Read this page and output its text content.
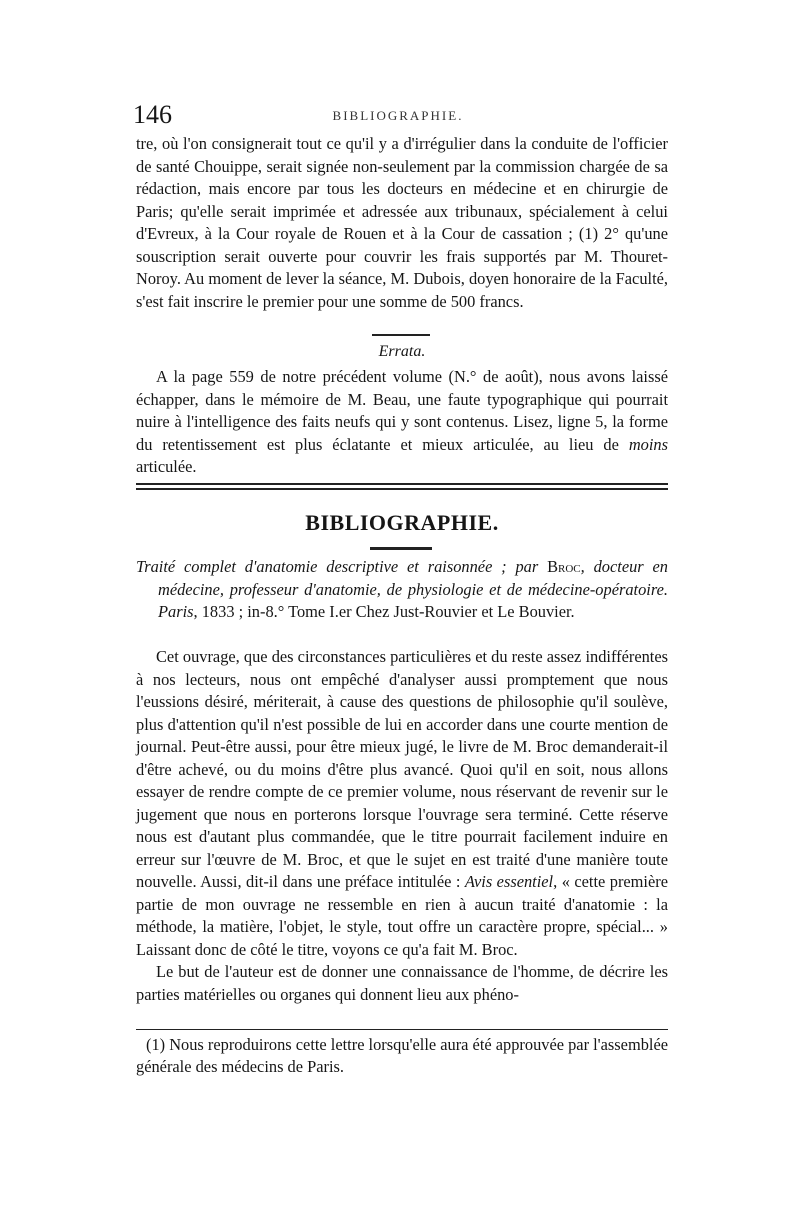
146	BIBLIOGRAPHIE.

tre, où l'on consignerait tout ce qu'il y a d'irrégulier dans la conduite de l'officier de santé Chouippe, serait signée non-seulement par la commission chargée de sa rédaction, mais encore par tous les docteurs en médecine et en chirurgie de Paris; qu'elle serait imprimée et adressée aux tribunaux, spécialement à celui d'Evreux, à la Cour royale de Rouen et à la Cour de cassation ; (1) 2° qu'une souscription serait ouverte pour couvrir les frais supportés par M. Thouret-Noroy. Au moment de lever la séance, M. Dubois, doyen honoraire de la Faculté, s'est fait inscrire le premier pour une somme de 500 francs.

Errata.

A la page 559 de notre précédent volume (N.° de août), nous avons laissé échapper, dans le mémoire de M. Beau, une faute typographique qui pourrait nuire à l'intelligence des faits neufs qui y sont contenus. Lisez, ligne 5, la forme du retentissement est plus éclatante et mieux articulée, au lieu de moins articulée.

BIBLIOGRAPHIE.

Traité complet d'anatomie descriptive et raisonnée ; par Broc, docteur en médecine, professeur d'anatomie, de physiologie et de médecine-opératoire. Paris, 1833 ; in-8.° Tome I.er Chez Just-Rouvier et Le Bouvier.

Cet ouvrage, que des circonstances particulières et du reste assez indifférentes à nos lecteurs, nous ont empêché d'analyser aussi promptement que nous l'eussions désiré, mériterait, à cause des questions de philosophie qu'il soulève, plus d'attention qu'il n'est possible de lui en accorder dans une courte mention de journal. Peut-être aussi, pour être mieux jugé, le livre de M. Broc demanderait-il d'être achevé, ou du moins d'être plus avancé. Quoi qu'il en soit, nous allons essayer de rendre compte de ce premier volume, nous réservant de revenir sur le jugement que nous en porterons lorsque l'ouvrage sera terminé. Cette réserve nous est d'autant plus commandée, que le titre pourrait facilement induire en erreur sur l'œuvre de M. Broc, et que le sujet en est traité d'une manière toute nouvelle. Aussi, dit-il dans une préface intitulée : Avis essentiel, « cette première partie de mon ouvrage ne ressemble en rien à aucun traité d'anatomie : la méthode, la matière, l'objet, le style, tout offre un caractère propre, spécial... » Laissant donc de côté le titre, voyons ce qu'a fait M. Broc.

Le but de l'auteur est de donner une connaissance de l'homme, de décrire les parties matérielles ou organes qui donnent lieu aux phéno-

(1) Nous reproduirons cette lettre lorsqu'elle aura été approuvée par l'assemblée générale des médecins de Paris.
